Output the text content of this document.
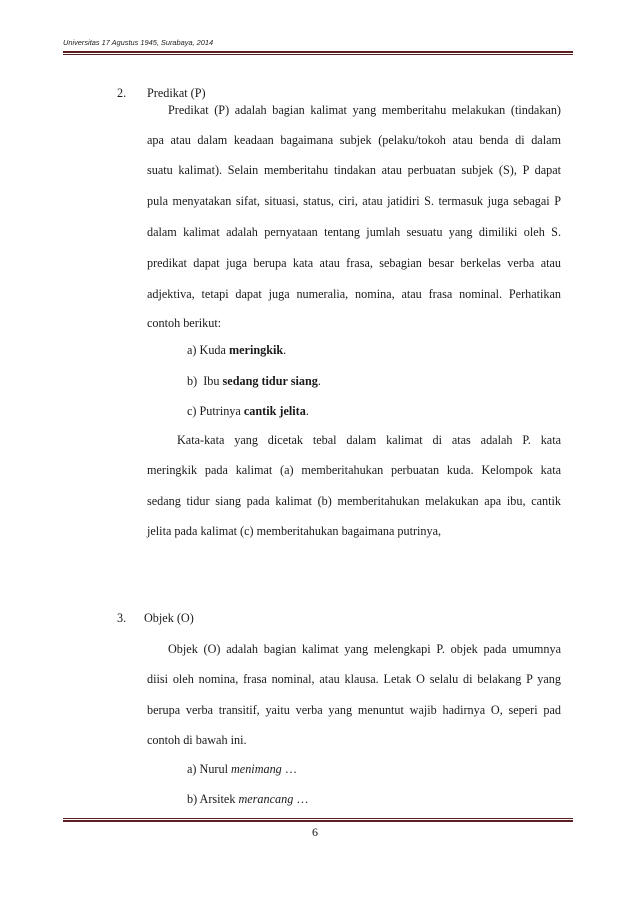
Universitas 17 Agustus 1945, Surabaya, 2014
2. Predikat (P)
Predikat (P) adalah bagian kalimat yang memberitahu melakukan (tindakan)
apa atau dalam keadaan bagaimana subjek (pelaku/tokoh atau benda di dalam
suatu kalimat). Selain memberitahu tindakan atau perbuatan subjek (S), P dapat
pula menyatakan sifat, situasi, status, ciri, atau jatidiri S. termasuk juga sebagai P
dalam kalimat adalah pernyataan tentang jumlah sesuatu yang dimiliki oleh S.
predikat dapat juga berupa kata atau frasa, sebagian besar berkelas verba atau
adjektiva, tetapi dapat juga numeralia, nomina, atau frasa nominal. Perhatikan
contoh berikut:
a) Kuda meringkik.
b) Ibu sedang tidur siang.
c) Putrinya cantik jelita.
Kata-kata yang dicetak tebal dalam kalimat di atas adalah P. kata
meringkik pada kalimat (a) memberitahukan perbuatan kuda. Kelompok kata
sedang tidur siang pada kalimat (b) memberitahukan melakukan apa ibu, cantik
jelita pada kalimat (c) memberitahukan bagaimana putrinya,
3. Objek (O)
Objek (O) adalah bagian kalimat yang melengkapi P. objek pada umumnya
diisi oleh nomina, frasa nominal, atau klausa. Letak O selalu di belakang P yang
berupa verba transitif, yaitu verba yang menuntut wajib hadirnya O, seperi pad
contoh di bawah ini.
a) Nurul menimang …
b) Arsitek merancang …
6
